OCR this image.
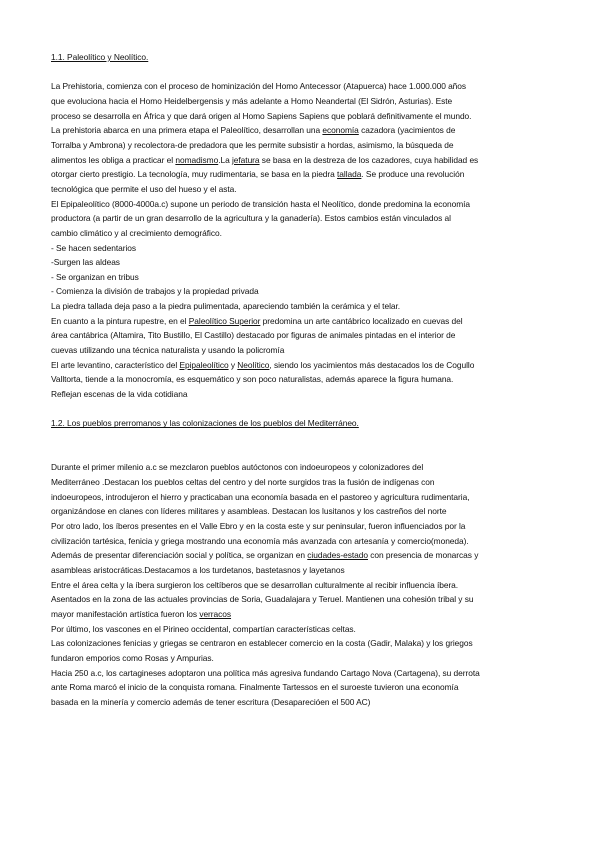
1.1. Paleolítico y Neolítico.

La Prehistoria, comienza con el proceso de hominización del Homo Antecessor (Atapuerca) hace 1.000.000 años
que evoluciona hacia el Homo Heidelbergensis y más adelante a Homo Neandertal (El Sidrón, Asturias). Este
proceso se desarrolla en África y que dará origen al Homo Sapiens Sapiens que poblará definitivamente el mundo.

La prehistoria abarca en una primera etapa el Paleolítico, desarrollan una economía cazadora (yacimientos de
Torralba y Ambrona) y recolectora-de predadora que les permite subsistir a hordas, asimismo, la búsqueda de
alimentos les obliga a practicar el nomadismo.La jefatura se basa en la destreza de los cazadores, cuya habilidad es
otorgar cierto prestigio. La tecnología, muy rudimentaria, se basa en la piedra tallada. Se produce una revolución
tecnológica que permite el uso del hueso y el asta.

El Epipaleolítico (8000-4000a.c) supone un periodo de transición hasta el Neolítico, donde predomina la economía
productora (a partir de un gran desarrollo de la agricultura y la ganadería). Estos cambios están vinculados al
cambio climático y al crecimiento demográfico.

- Se hacen sedentarios
-Surgen las aldeas
- Se organizan en tribus
- Comienza la división de trabajos y la propiedad privada

La piedra tallada deja paso a la piedra pulimentada, apareciendo también la cerámica y el telar.

En cuanto a la pintura rupestre, en el Paleolítico Superior predomina un arte cantábrico localizado en cuevas del
área cantábrica (Altamira, Tito Bustillo, El Castillo) destacado por figuras de animales pintadas en el interior de
cuevas utilizando una técnica naturalista y usando la policromía

El arte levantino, característico del Epipaleolítico y Neolítico, siendo los yacimientos más destacados los de Cogullo
Valltorta, tiende a la monocromía, es esquemático y son poco naturalistas, además aparece la figura humana.
Reflejan escenas de la vida cotidiana

1.2. Los pueblos prerromanos y las colonizaciones de los pueblos del Mediterráneo.

Durante el primer milenio a.c se mezclaron pueblos autóctonos con indoeuropeos y colonizadores del
Mediterráneo .Destacan los pueblos celtas del centro y del norte surgidos tras la fusión de indígenas con
indoeuropeos, introdujeron el hierro y practicaban una economía basada en el pastoreo y agricultura rudimentaria,
organizándose en clanes con líderes militares y asambleas. Destacan los lusitanos y los castreños del norte

Por otro lado, los íberos presentes en el Valle Ebro y en la costa este y sur peninsular, fueron influenciados por la
civilización tartésica, fenicia y griega mostrando una economía más avanzada con artesanía y comercio(moneda).

Además de presentar diferenciación social y política, se organizan en ciudades-estado con presencia de monarcas y
asambleas aristocráticas.Destacamos a los turdetanos, bastetasnos y layetanos

Entre el área celta y la íbera surgieron los celtíberos que se desarrollan culturalmente al recibir influencia íbera.
Asentados en la zona de las actuales provincias de Soria, Guadalajara y Teruel. Mantienen una cohesión tribal y su
mayor manifestación artística fueron los verracos

Por último, los vascones en el Pirineo occidental, compartían características celtas.

Las colonizaciones fenicias y griegas se centraron en establecer comercio en la costa (Gadir, Malaka) y los griegos
fundaron emporios como Rosas y Ampurias.

Hacia 250 a.c, los cartagineses adoptaron una política más agresiva fundando Cartago Nova (Cartagena), su derrota
ante Roma marcó el inicio de la conquista romana. Finalmente Tartessos en el suroeste tuvieron una economía
basada en la minería y comercio además de tener escritura (Desaparecióen el 500 AC)
